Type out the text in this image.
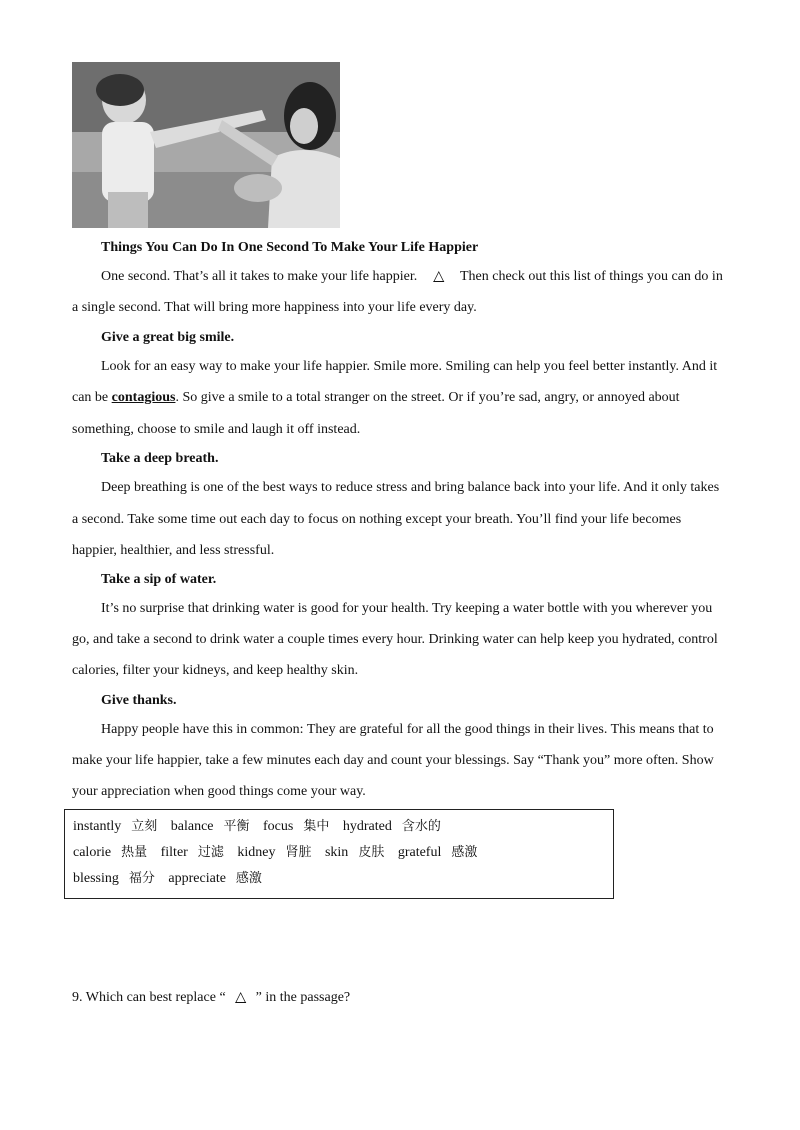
Things You Can Do In One Second To Make Your Life Happier
One second. That’s all it takes to make your life happier. △ Then check out this list of things you can do in
a single second. That will bring more happiness into your life every day.
Give a great big smile.
Look for an easy way to make your life happier. Smile more. Smiling can help you feel better instantly. And it
can be contagious. So give a smile to a total stranger on the street. Or if you’re sad, angry, or annoyed about
something, choose to smile and laugh it off instead.
Take a deep breath.
Deep breathing is one of the best ways to reduce stress and bring balance back into your life. And it only takes
a second. Take some time out each day to focus on nothing except your breath. You’ll find your life becomes
happier, healthier, and less stressful.
Take a sip of water.
It’s no surprise that drinking water is good for your health. Try keeping a water bottle with you wherever you
go, and take a second to drink water a couple times every hour. Drinking water can help keep you hydrated, control
calories, filter your kidneys, and keep healthy skin.
Give thanks.
Happy people have this in common: They are grateful for all the good things in their lives. This means that to
make your life happier, take a few minutes each day and count your blessings. Say “Thank you” more often. Show
your appreciation when good things come your way.
instantly 立刻 balance 平衡 focus 集中 hydrated 含水的
calorie 热量 filter 过滤 kidney 肾脏 skin 皮肤 grateful 感激
blessing 福分 appreciate 感激
9. Which can best replace “ △ ” in the passage?
